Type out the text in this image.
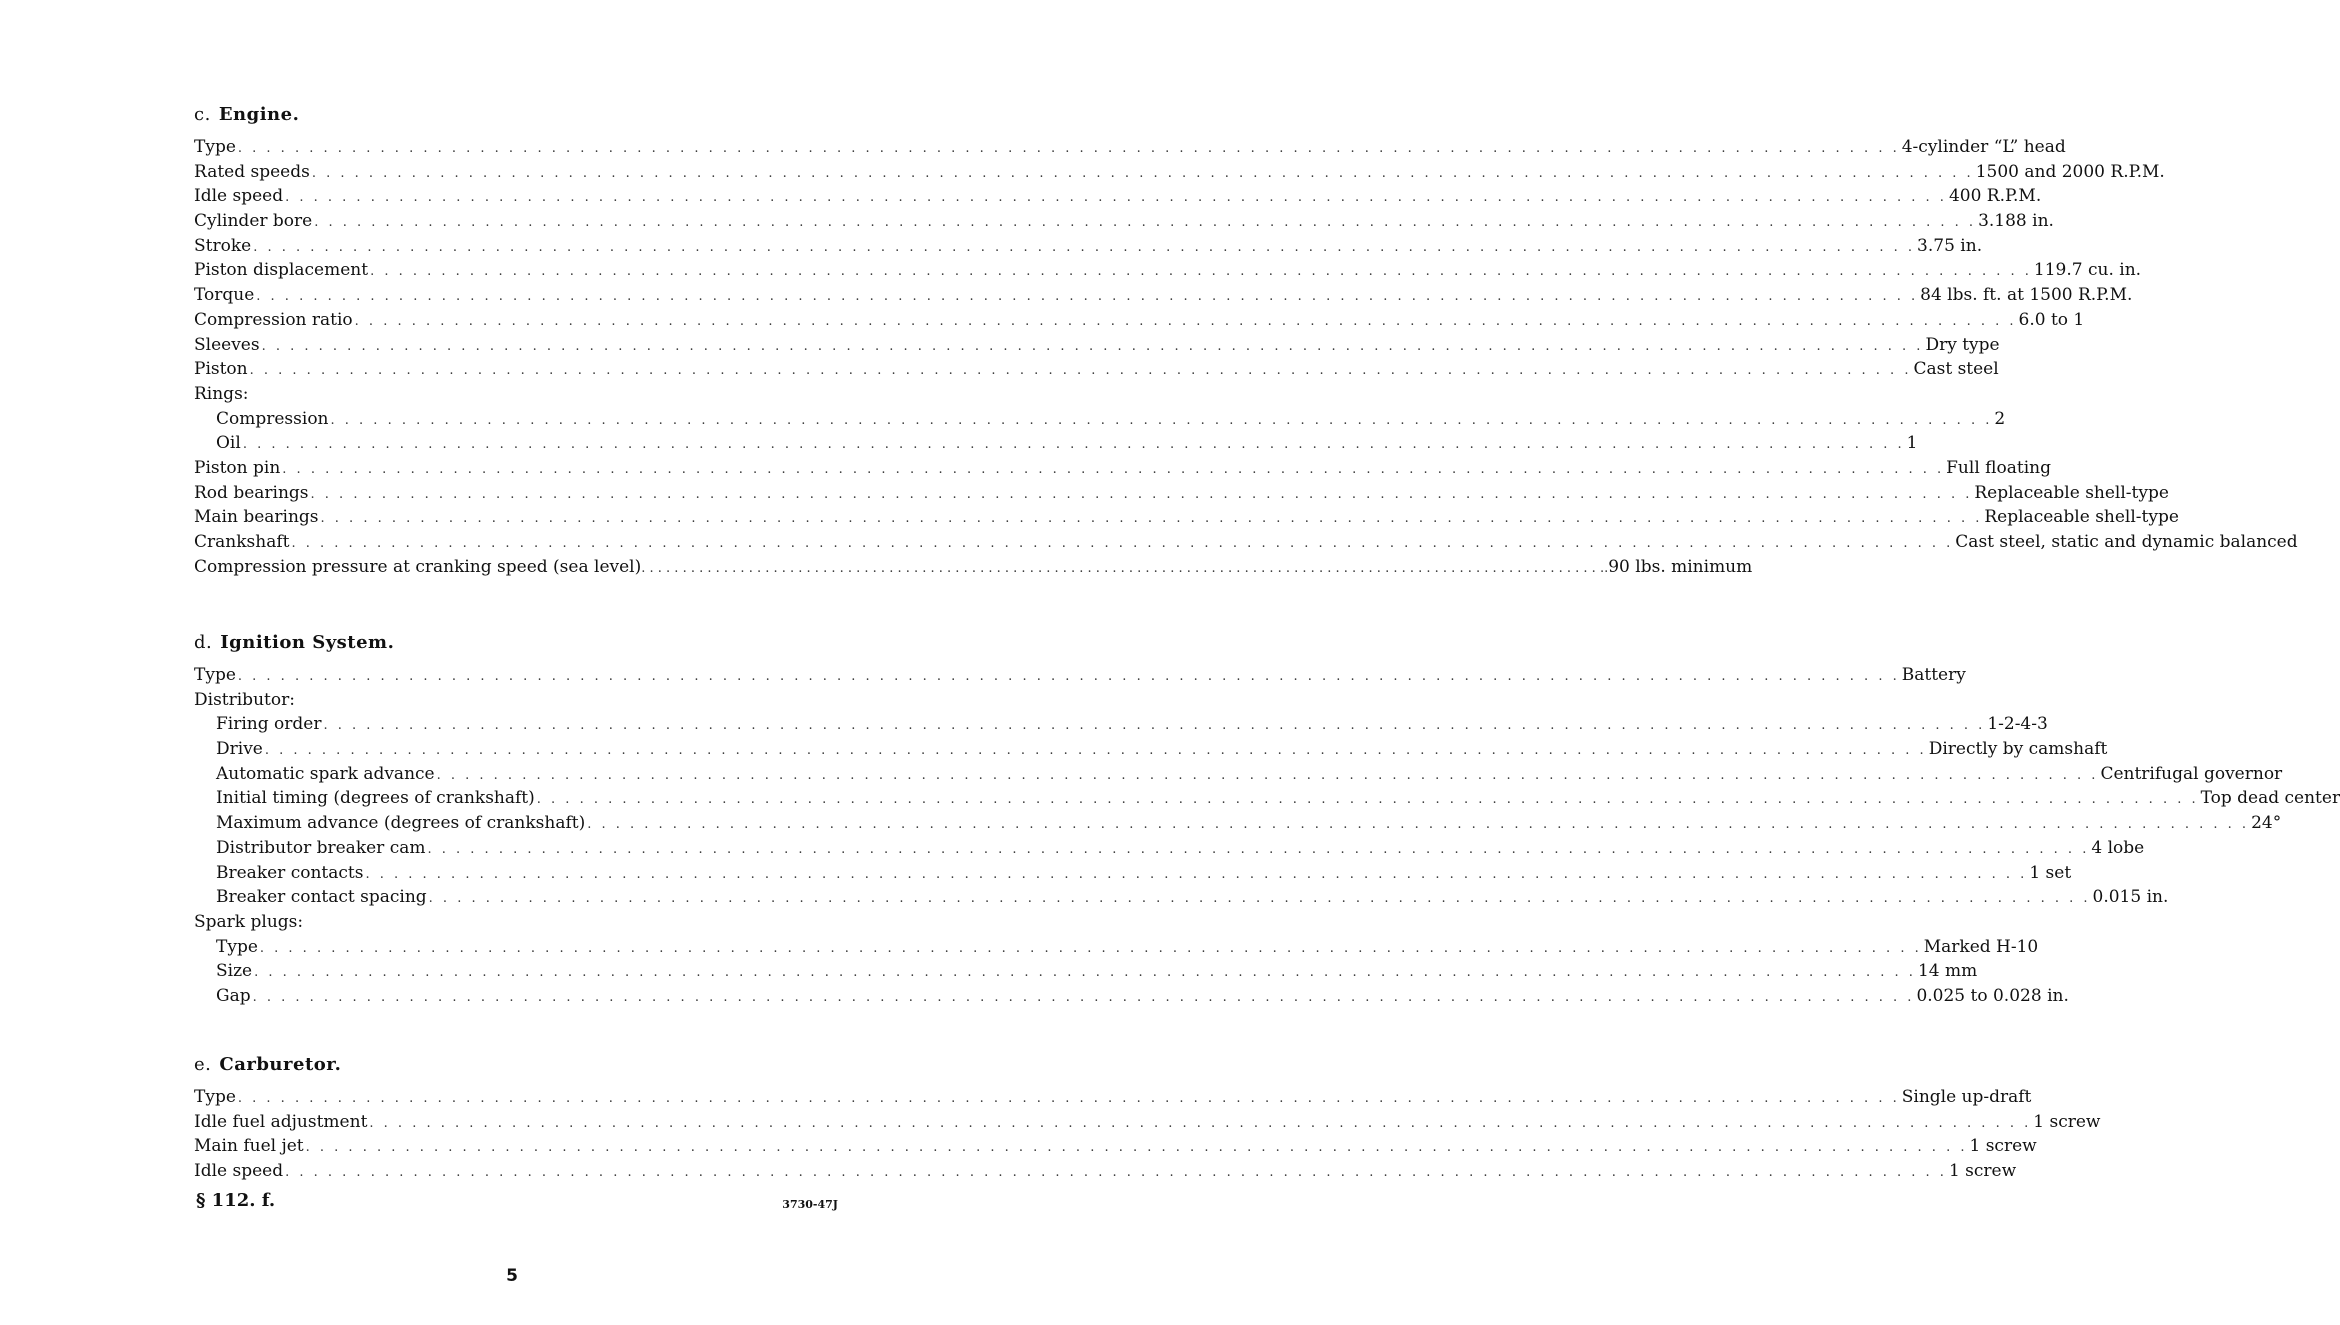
c. Engine.
Type . . .	4-cylinder “L” head
Rated speeds . . .	1500 and 2000 R.P.M.
Idle speed . . .	400 R.P.M.
Cylinder bore . . .	3.188 in.
Stroke . . .	3.75 in.
Piston displacement . . .	119.7 cu. in.
Torque . . .	84 lbs. ft. at 1500 R.P.M.
Compression ratio . . .	6.0 to 1
Sleeves . . .	Dry type
Piston . . .	Cast steel
Rings:
Compression . . .	2
Oil . . .	1
Piston pin . . .	Full floating
Rod bearings . . .	Replaceable shell-type
Main bearings . . .	Replaceable shell-type
Crankshaft . . .	Cast steel, static and dynamic balanced
Compression pressure at cranking speed (sea level)	. . . . 90 lbs. minimum
d. Ignition System.
Type . . .	Battery
Distributor:
Firing order . . .	1-2-4-3
Drive . . .	Directly by camshaft
Automatic spark advance . . .	Centrifugal governor
Initial timing (degrees of crankshaft) . . .	Top dead center
Maximum advance (degrees of crankshaft) . . .	24°
Distributor breaker cam . . .	4 lobe
Breaker contacts . . .	1 set
Breaker contact spacing . . .	0.015 in.
Spark plugs:
Type . . .	Marked H-10
Size . . .	14 mm
Gap . . .	0.025 to 0.028 in.
e. Carburetor.
Type . . .	Single up-draft
Idle fuel adjustment . . .	1 screw
Main fuel jet . . .	1 screw
Idle speed . . .	1 screw
§ 112. f.	3730-47J
5
